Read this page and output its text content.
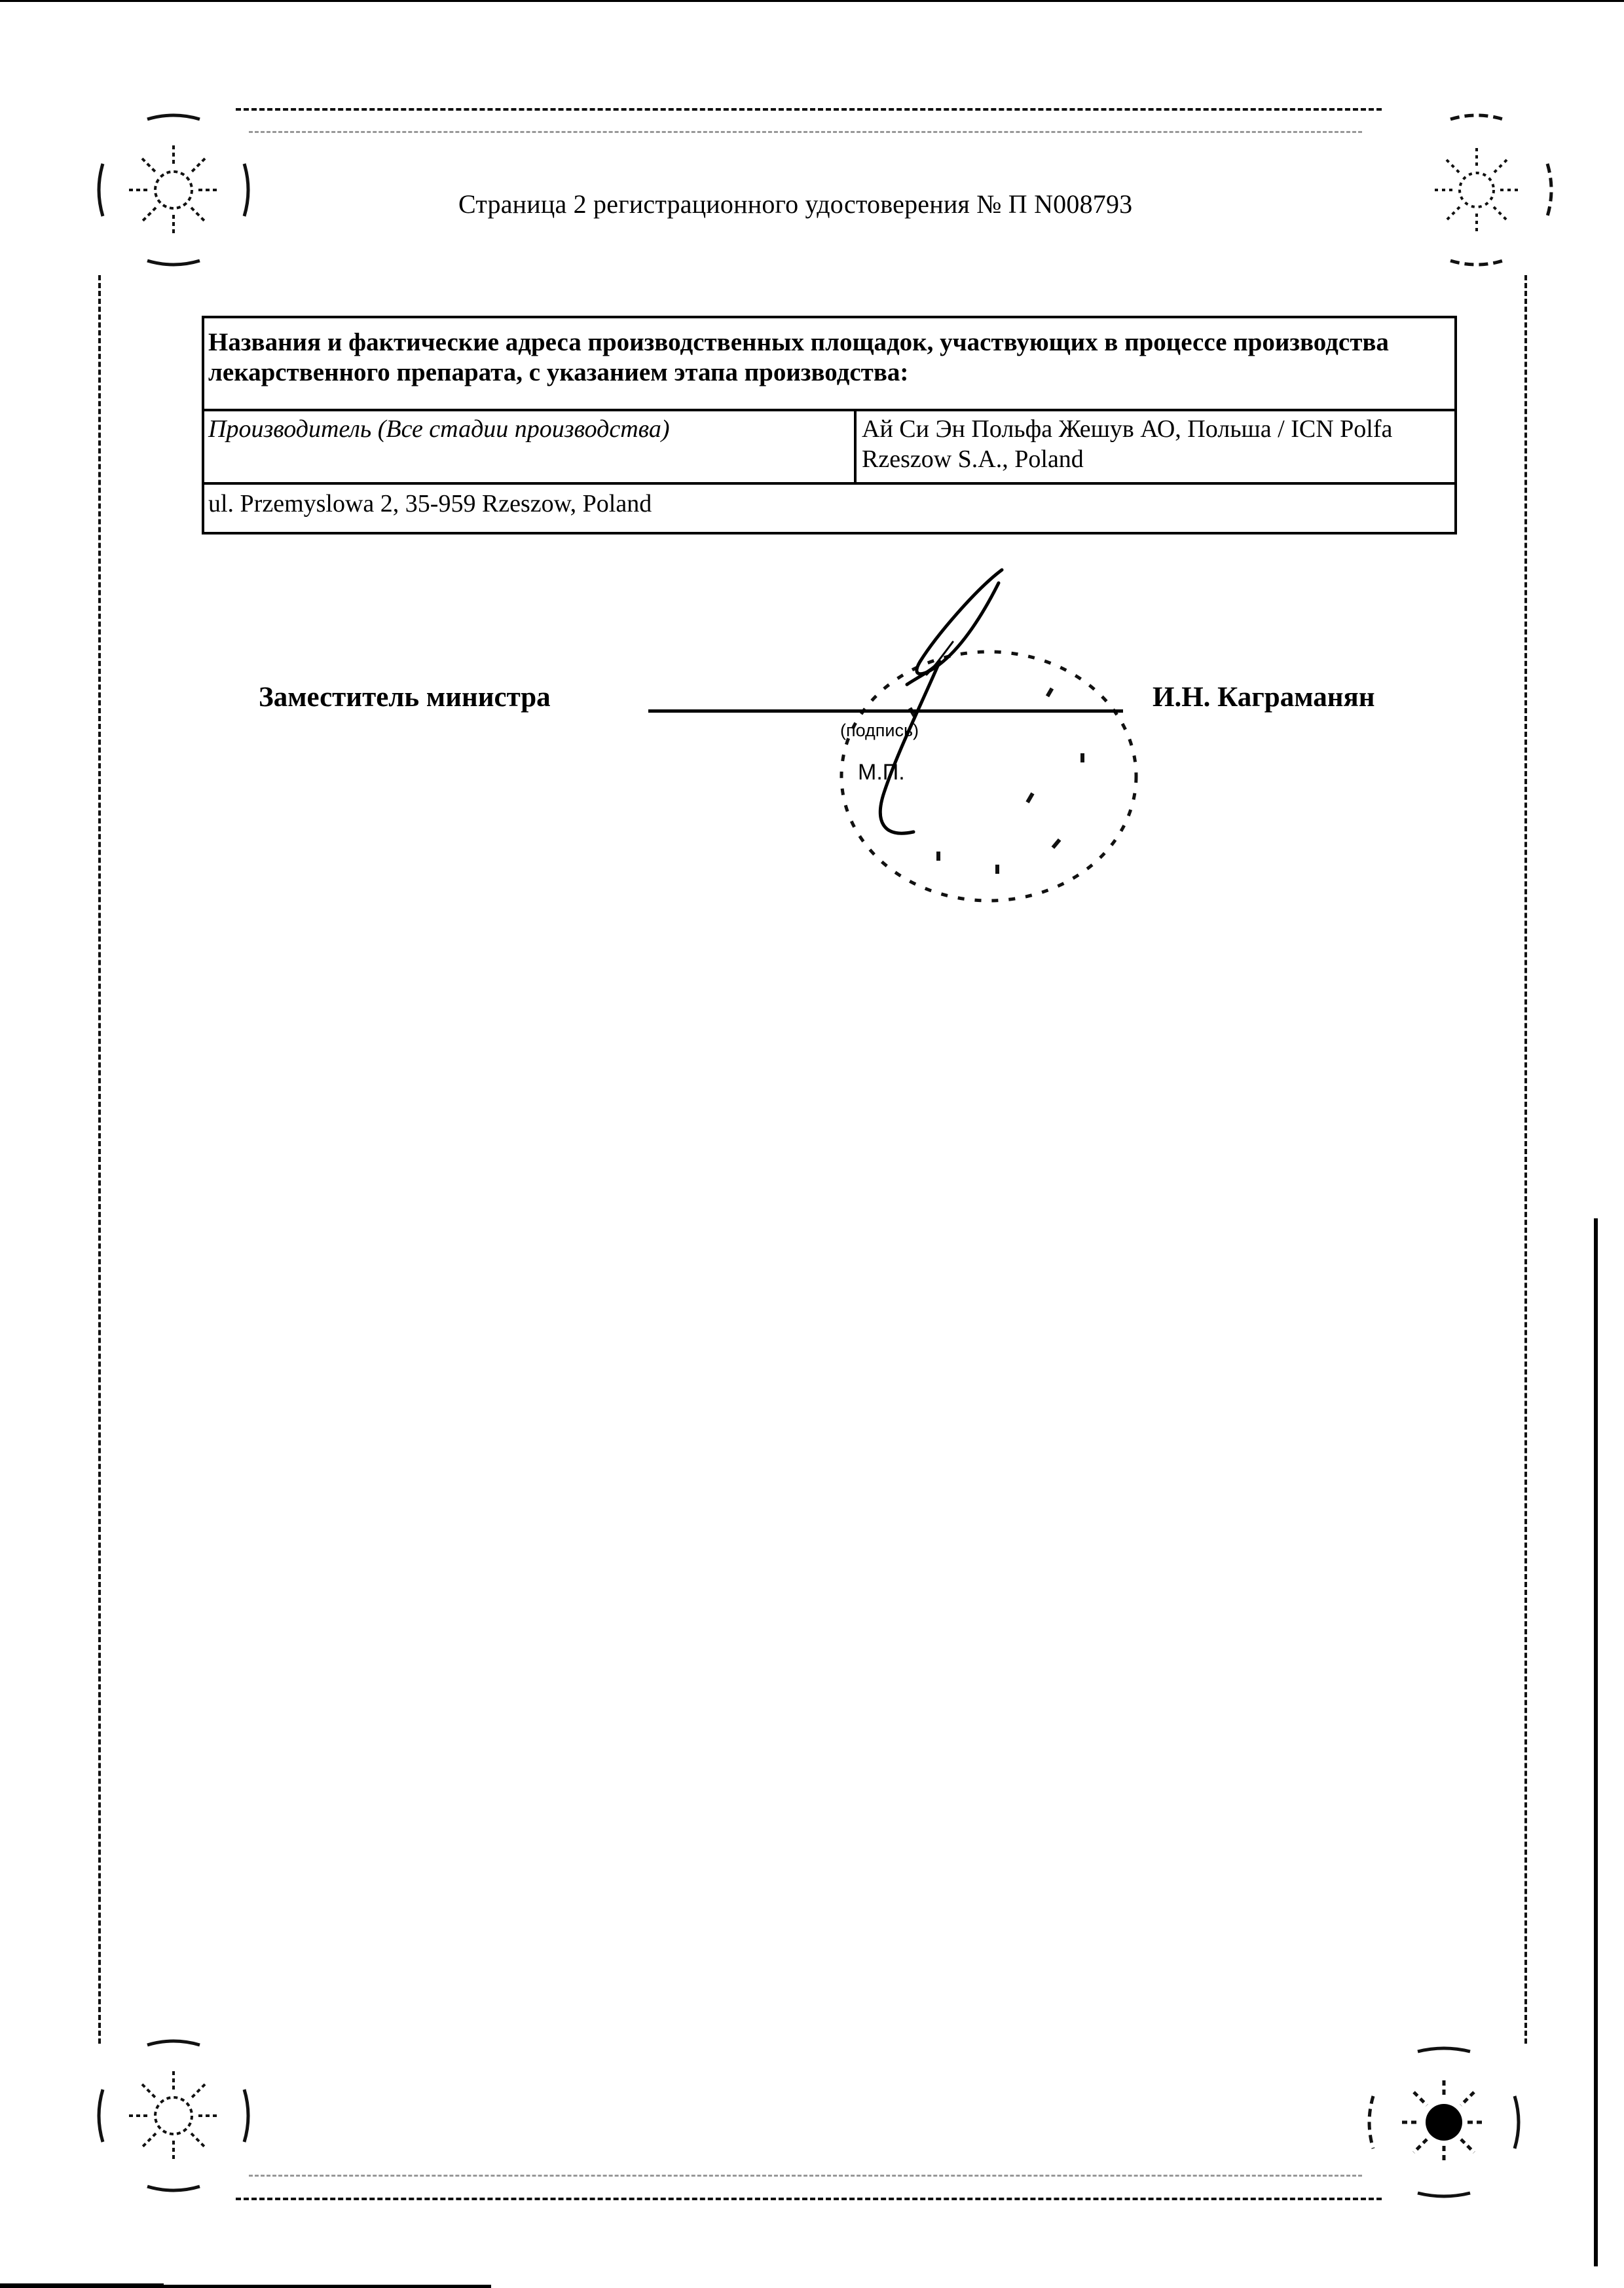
Страница 2 регистрационного удостоверения № П N008793
Названия и фактические адреса производственных площадок, участвующих в процессе производства лекарственного препарата, с указанием этапа производства:
Производитель (Все стадии производства)	Ай Си Эн Польфа Жешув АО, Польша / ICN Polfa Rzeszow S.A., Poland
ul. Przemyslowa 2, 35-959 Rzeszow, Poland
Заместитель министра	И.Н. Каграманян
(подпись)
М.П.
